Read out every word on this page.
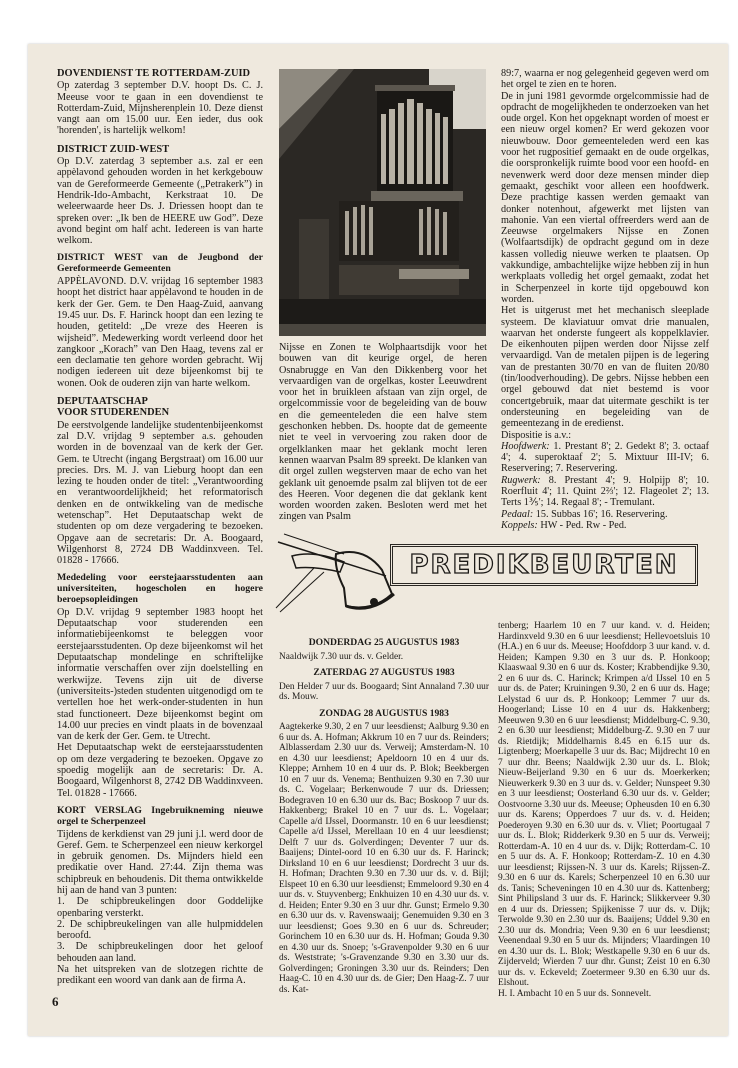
DOVENDIENST TE ROTTERDAM-ZUID

Op zaterdag 3 september D.V. hoopt Ds. C. J. Meeuse voor te gaan in een dovendienst te Rotterdam-Zuid, Mijnsherenplein 10. Deze dienst vangt aan om 15.00 uur. Een ieder, dus ook 'horenden', is hartelijk welkom!

DISTRICT ZUID-WEST

Op D.V. zaterdag 3 september a.s. zal er een appèlavond gehouden worden in het kerkgebouw van de Gereformeerde Gemeente („Petrakerk”) in Hendrik-Ido-Ambacht, Kerkstraat 10. De weleerwaarde heer Ds. J. Driessen hoopt dan te spreken over: „Ik ben de HEERE uw God”. Deze avond begint om half acht. Iedereen is van harte welkom.

DISTRICT WEST van de Jeugbond der Gereformeerde Gemeenten

APPÈLAVOND. D.V. vrijdag 16 september 1983 hoopt het district haar appèlavond te houden in de kerk der Ger. Gem. te Den Haag-Zuid, aanvang 19.45 uur. Ds. F. Harinck hoopt dan een lezing te houden, getiteld: „De vreze des Heeren is wijsheid”. Medewerking wordt verleend door het zangkoor „Korach” van Den Haag, tevens zal er een declamatie ten gehore worden gebracht. Wij nodigen iedereen uit deze bijeenkomst bij te wonen. Ook de ouderen zijn van harte welkom.

DEPUTAATSCHAP
VOOR STUDERENDEN

De eerstvolgende landelijke studentenbijeenkomst zal D.V. vrijdag 9 september a.s. gehouden worden in de bovenzaal van de kerk der Ger. Gem. te Utrecht (ingang Bergstraat) om 16.00 uur precies. Drs. M. J. van Lieburg hoopt dan een lezing te houden onder de titel: „Verantwoording en verantwoordelijkheid; het reformatorisch denken en de ontwikkeling van de medische wetenschap”. Het Deputaatschap wekt de studenten op om deze vergadering te bezoeken. Opgave aan de secretaris: Dr. A. Boogaard, Wilgenhorst 8, 2724 DB Waddinxveen. Tel. 01828 - 17666.

Mededeling voor eerstejaarsstudenten aan universiteiten, hogescholen en hogere beroepsopleidingen

Op D.V. vrijdag 9 september 1983 hoopt het Deputaatschap voor studerenden een informatiebijeenkomst te beleggen voor eerstejaarsstudenten. Op deze bijeenkomst wil het Deputaatschap mondelinge en schriftelijke informatie verschaffen over zijn doelstelling en werkwijze. Tevens zijn uit de diverse (universiteits-)steden studenten uitgenodigd om te vertellen hoe het werk-onder-studenten in hun stad functioneert. Deze bijeenkomst begint om 14.00 uur precies en vindt plaats in de bovenzaal van de kerk der Ger. Gem. te Utrecht.

Het Deputaatschap wekt de eerstejaarsstudenten op om deze vergadering te bezoeken. Opgave zo spoedig mogelijk aan de secretaris: Dr. A. Boogaard, Wilgenhorst 8, 2742 DB Waddinxveen. Tel. 01828 - 17666.

KORT VERSLAG Ingebruikneming nieuwe orgel te Scherpenzeel

Tijdens de kerkdienst van 29 juni j.l. werd door de Geref. Gem. te Scherpenzeel een nieuw kerkorgel in gebruik genomen. Ds. Mijnders hield een predikatie over Hand. 27:44. Zijn thema was schipbreuk en behoudenis. Dit thema ontwikkelde hij aan de hand van 3 punten:

1. De schipbreukelingen door Goddelijke openbaring versterkt.

2. De schipbreukelingen van alle hulpmiddelen beroofd.

3. De schipbreukelingen door het geloof behouden aan land.

Na het uitspreken van de slotzegen richtte de predikant een woord van dank aan de firma A.

Nijsse en Zonen te Wolphaartsdijk voor het bouwen van dit keurige orgel, de heren Osnabrugge en Van den Dikkenberg voor het vervaardigen van de orgelkas, koster Leeuwdrent voor het in bruikleen afstaan van zijn orgel, de orgelcommissie voor de begeleiding van de bouw en die gemeenteleden die een halve stem geschonken hebben. Ds. hoopte dat de gemeente niet te veel in vervoering zou raken door de orgelklanken maar het geklank mocht leren kennen waarvan Psalm 89 spreekt. De klanken van dit orgel zullen wegsterven maar de echo van het geklank uit genoemde psalm zal blijven tot de eer des Heeren. Voor degenen die dat geklank kent worden woorden zaken. Besloten werd met het zingen van Psalm

89:7, waarna er nog gelegenheid gegeven werd om het orgel te zien en te horen.

De in juni 1981 gevormde orgelcommissie had de opdracht de mogelijkheden te onderzoeken van het oude orgel. Kon het opgeknapt worden of moest er een nieuw orgel komen? Er werd gekozen voor nieuwbouw. Door gemeenteleden werd een kas voor het rugpositief gemaakt en de oude orgelkas, die oorspronkelijk ruimte bood voor een hoofd- en nevenwerk werd door deze mensen minder diep gemaakt, geschikt voor alleen een hoofdwerk. Deze prachtige kassen werden gemaakt van donker notenhout, afgewerkt met lijsten van mahonie. Van een viertal offreerders werd aan de Zeeuwse orgelmakers Nijsse en Zonen (Wolfaartsdijk) de opdracht gegund om in deze kassen volledig nieuwe werken te plaatsen. Op vakkundige, ambachtelijke wijze hebben zij in hun werkplaats volledig het orgel gemaakt, zodat het in Scherpenzeel in korte tijd opgebouwd kon worden.

Het is uitgerust met het mechanisch sleeplade systeem. De klaviatuur omvat drie manualen, waarvan het onderste fungeert als koppelklavier. De eikenhouten pijpen werden door Nijsse zelf vervaardigd. Van de metalen pijpen is de legering van de prestanten 30/70 en van de fluiten 20/80 (tin/loodverhouding). De gebrs. Nijsse hebben een orgel gebouwd dat niet bestemd is voor concertgebruik, maar dat uitermate geschikt is ter ondersteuning en begeleiding van de gemeentezang in de eredienst.

Dispositie is a.v.:

Hoofdwerk: 1. Prestant 8'; 2. Gedekt 8'; 3. octaaf 4'; 4. superoktaaf 2'; 5. Mixtuur III-IV; 6. Reservering; 7. Reservering.

Rugwerk: 8. Prestant 4'; 9. Holpijp 8'; 10. Roerfluit 4'; 11. Quint 2⅔'; 12. Flageolet 2'; 13. Terts 1⅗'; 14. Regaal 8'; - Tremulant.

Pedaal: 15. Subbas 16'; 16. Reservering.

Koppels: HW - Ped. Rw - Ped.

PREDIKBEURTEN
DONDERDAG 25 AUGUSTUS 1983

Naaldwijk 7.30 uur ds. v. Gelder.

ZATERDAG 27 AUGUSTUS 1983

Den Helder 7 uur ds. Boogaard; Sint Annaland 7.30 uur ds. Mouw.

ZONDAG 28 AUGUSTUS 1983

Aagtekerke 9.30, 2 en 7 uur leesdienst; Aalburg 9.30 en 6 uur ds. A. Hofman; Akkrum 10 en 7 uur ds. Reinders; Alblasserdam 2.30 uur ds. Verweij; Amsterdam-N. 10 en 4.30 uur leesdienst; Apeldoorn 10 en 4 uur ds. Kleppe; Arnhem 10 en 4 uur ds. P. Blok; Beekbergen 10 en 7 uur ds. Venema; Benthuizen 9.30 en 7.30 uur ds. C. Vogelaar; Berkenwoude 7 uur ds. Driessen; Bodegraven 10 en 6.30 uur ds. Bac; Boskoop 7 uur ds. Hakkenberg; Brakel 10 en 7 uur ds. L. Vogelaar; Capelle a/d IJssel, Doormanstr. 10 en 6 uur leesdienst; Capelle a/d IJssel, Merellaan 10 en 4 uur leesdienst; Delft 7 uur ds. Golverdingen; Deventer 7 uur ds. Baaijens; Dintel-oord 10 en 6.30 uur ds. F. Harinck; Dirksland 10 en 6 uur leesdienst; Dordrecht 3 uur ds. H. Hofman; Drachten 9.30 en 7.30 uur ds. v. d. Bijl; Elspeet 10 en 6.30 uur leesdienst; Emmeloord 9.30 en 4 uur ds. v. Stuyvenberg; Enkhuizen 10 en 4.30 uur ds. v. d. Heiden; Enter 9.30 en 3 uur dhr. Gunst; Ermelo 9.30 en 6.30 uur ds. v. Ravenswaaij; Genemuiden 9.30 en 3 uur leesdienst; Goes 9.30 en 6 uur ds. Schreuder; Gorinchem 10 en 6.30 uur ds. H. Hofman; Gouda 9.30 en 4.30 uur ds. Snoep; 's-Gravenpolder 9.30 en 6 uur ds. Weststrate; 's-Gravenzande 9.30 en 3.30 uur ds. Golverdingen; Groningen 3.30 uur ds. Reinders; Den Haag-C. 10 en 4.30 uur ds. de Gier; Den Haag-Z. 7 uur ds. Kat-

tenberg; Haarlem 10 en 7 uur kand. v. d. Heiden; Hardinxveld 9.30 en 6 uur leesdienst; Hellevoetsluis 10 (H.A.) en 6 uur ds. Meeuse; Hoofddorp 3 uur kand. v. d. Heiden; Kampen 9.30 en 3 uur ds. P. Honkoop; Klaaswaal 9.30 en 6 uur ds. Koster; Krabbendijke 9.30, 2 en 6 uur ds. C. Harinck; Krimpen a/d IJssel 10 en 5 uur ds. de Pater; Kruiningen 9.30, 2 en 6 uur ds. Hage; Lelystad 6 uur ds. P. Honkoop; Lemmer 7 uur ds. Hoogerland; Lisse 10 en 4 uur ds. Hakkenberg; Meeuwen 9.30 en 6 uur leesdienst; Middelburg-C. 9.30, 2 en 6.30 uur leesdienst; Middelburg-Z. 9.30 en 7 uur ds. Rietdijk; Middelharnis 8.45 en 6.15 uur ds. Ligtenberg; Moerkapelle 3 uur ds. Bac; Mijdrecht 10 en 7 uur dhr. Beens; Naaldwijk 2.30 uur ds. L. Blok; Nieuw-Beijerland 9.30 en 6 uur ds. Moerkerken; Nieuwerkerk 9.30 en 3 uur ds. v. Gelder; Nunspeet 9.30 en 3 uur leesdienst; Oosterland 6.30 uur ds. v. Gelder; Oostvoorne 3.30 uur ds. Meeuse; Opheusden 10 en 6.30 uur ds. Karens; Opperdoes 7 uur ds. v. d. Heiden; Poederoyen 9.30 en 6.30 uur ds. v. Vliet; Poortugaal 7 uur ds. L. Blok; Ridderkerk 9.30 en 5 uur ds. Verweij; Rotterdam-A. 10 en 4 uur ds. v. Dijk; Rotterdam-C. 10 en 5 uur ds. A. F. Honkoop; Rotterdam-Z. 10 en 4.30 uur leesdienst; Rijssen-N. 3 uur ds. Karels; Rijssen-Z. 9.30 en 6 uur ds. Karels; Scherpenzeel 10 en 6.30 uur ds. Tanis; Scheveningen 10 en 4.30 uur ds. Kattenberg; Sint Philipsland 3 uur ds. F. Harinck; Slikkerveer 9.30 en 4 uur ds. Driessen; Spijkenisse 7 uur ds. v. Dijk; Terwolde 9.30 en 2.30 uur ds. Baaijens; Uddel 9.30 en 2.30 uur ds. Mondria; Veen 9.30 en 6 uur leesdienst; Veenendaal 9.30 en 5 uur ds. Mijnders; Vlaardingen 10 en 4.30 uur ds. L. Blok; Westkapelle 9.30 en 6 uur ds. Zijderveld; Wierden 7 uur dhr. Gunst; Zeist 10 en 6.30 uur ds. v. Eckeveld; Zoetermeer 9.30 en 6.30 uur ds. Elshout.

H. I. Ambacht 10 en 5 uur ds. Sonnevelt.

6
